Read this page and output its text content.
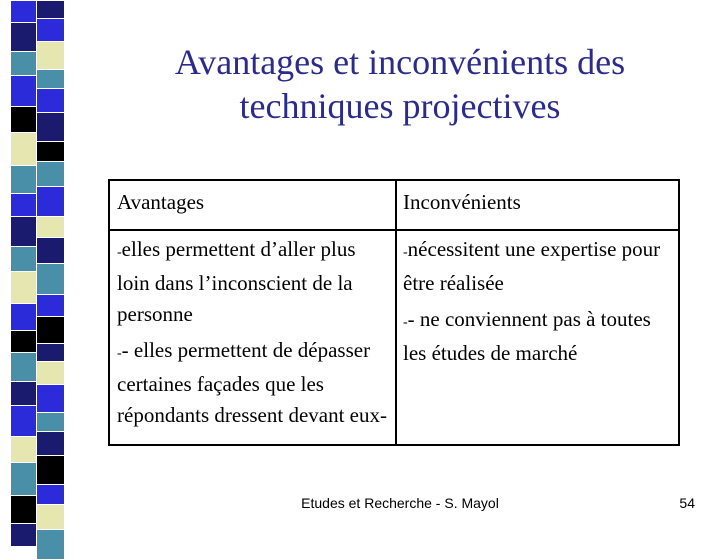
Avantages et inconvénients des
techniques projectives
Avantages	Inconvénients
-elles permettent d’aller plus loin dans l’inconscient de la personne
-- elles permettent de dépasser certaines façades que les répondants dressent devant eux-
-nécessitent une expertise pour être réalisée
-- ne conviennent pas à toutes les études de marché
Etudes et Recherche - S. Mayol	54
